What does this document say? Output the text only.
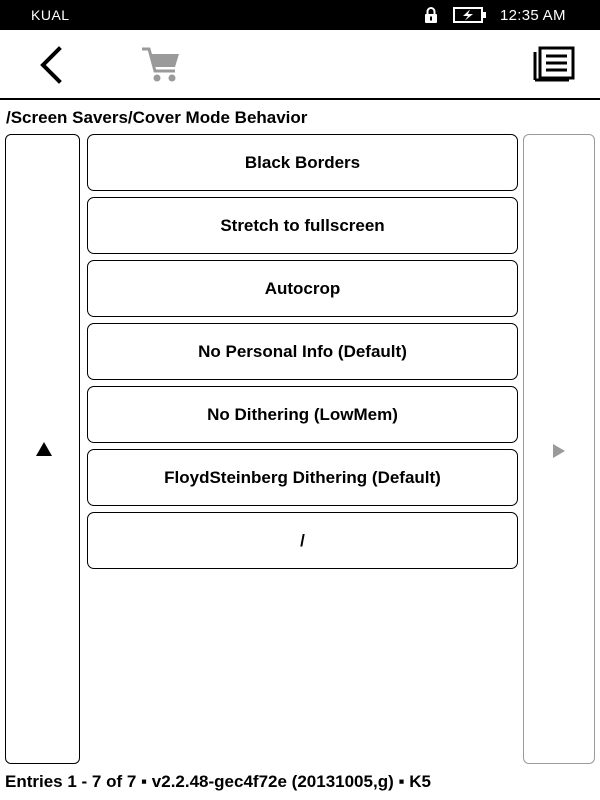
KUAL	12:35 AM
/Screen Savers/Cover Mode Behavior
Black Borders
Stretch to fullscreen
Autocrop
No Personal Info (Default)
No Dithering (LowMem)
FloydSteinberg Dithering (Default)
/
Entries 1 - 7 of 7 ▪ v2.2.48-gec4f72e (20131005,g) ▪ K5
